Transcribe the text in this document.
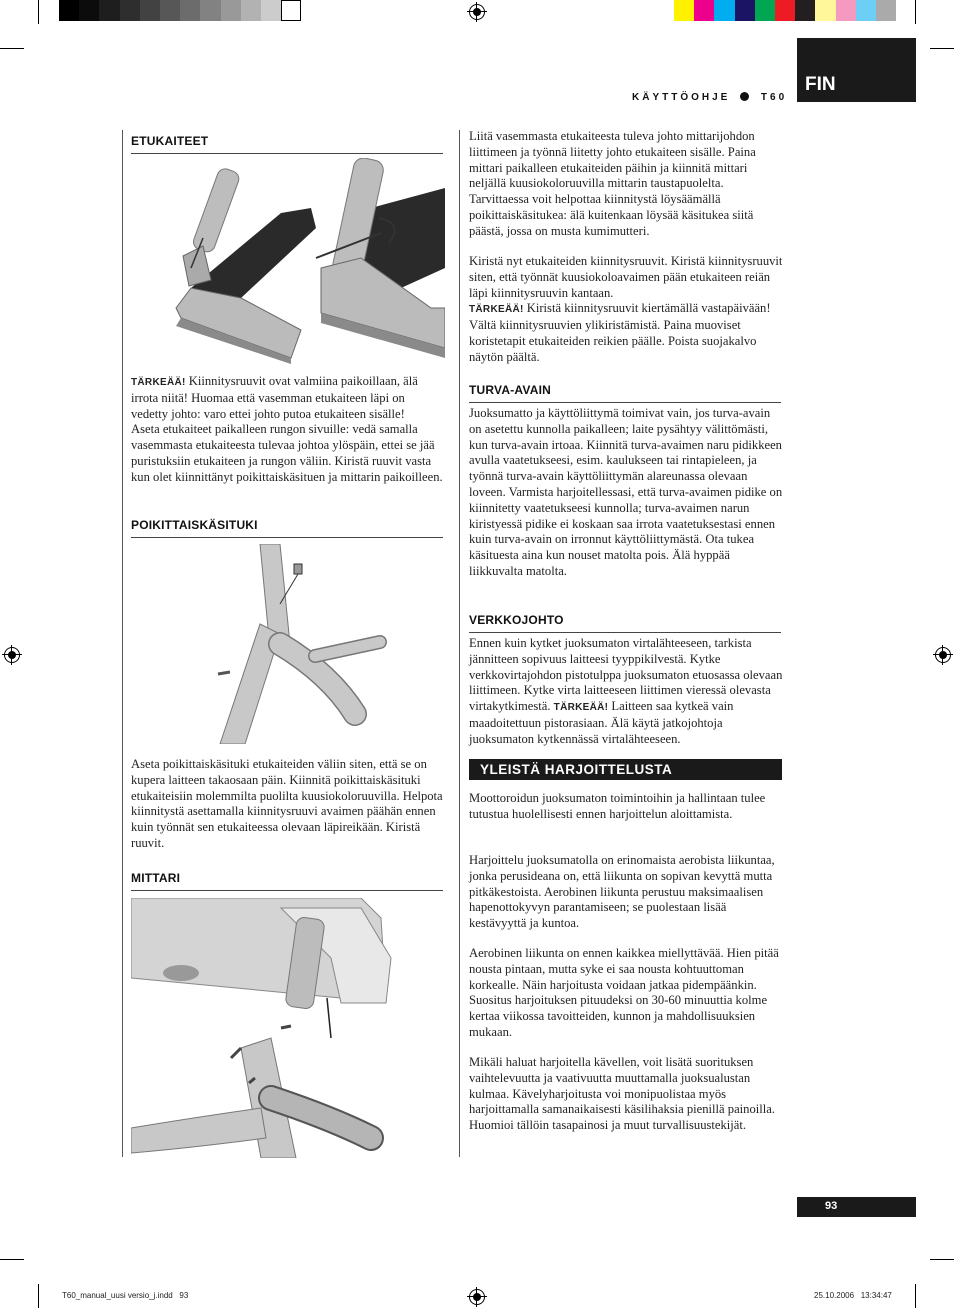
KÄYTTÖOHJE	T60
FIN
ETUKAITEET

TÄRKEÄÄ! Kiinnitysruuvit ovat valmiina paikoillaan, älä irrota niitä! Huomaa että vasemman etukaiteen läpi on vedetty johto: varo ettei johto putoa etukaiteen sisälle!
Aseta etukaiteet paikalleen rungon sivuille: vedä samalla vasemmasta etukaiteesta tulevaa johtoa ylöspäin, ettei se jää puristuksiin etukaiteen ja rungon väliin. Kiristä ruuvit vasta kun olet kiinnittänyt poikittaiskäsituen ja mittarin paikoilleen.

POIKITTAISKÄSITUKI

Aseta poikittaiskäsituki etukaiteiden väliin siten, että se on kupera laitteen takaosaan päin. Kiinnitä poikittaiskäsituki etukaiteisiin molemmilta puolilta kuusiokoloruuvilla. Helpota kiinnitystä asettamalla kiinnitysruuvi avaimen päähän ennen kuin työnnät sen etukaiteessa olevaan läpireikään. Kiristä ruuvit.

MITTARI

Liitä vasemmasta etukaiteesta tuleva johto mittarijohdon liittimeen ja työnnä liitetty johto etukaiteen sisälle. Paina mittari paikalleen etukaiteiden päihin ja kiinnitä mittari neljällä kuusiokoloruuvilla mittarin taustapuolelta. Tarvittaessa voit helpottaa kiinnitystä löysäämällä poikittaiskäsitukea: älä kuitenkaan löysää käsitukea siitä päästä, jossa on musta kumimutteri.

Kiristä nyt etukaiteiden kiinnitysruuvit. Kiristä kiinnitysruuvit siten, että työnnät kuusiokoloavaimen pään etukaiteen reiän läpi kiinnitysruuvin kantaan.
TÄRKEÄÄ! Kiristä kiinnitysruuvit kiertämällä vastapäivään! Vältä kiinnitysruuvien ylikiristämistä. Paina muoviset koristetapit etukaiteiden reikien päälle. Poista suojakalvo näytön päältä.

TURVA-AVAIN

Juoksumatto ja käyttöliittymä toimivat vain, jos turva-avain on asetettu kunnolla paikalleen; laite pysähtyy välittömästi, kun turva-avain irtoaa. Kiinnitä turva-avaimen naru pidikkeen avulla vaatetukseesi, esim. kaulukseen tai rintapieleen, ja työnnä turva-avain käyttöliittymän alareunassa olevaan loveen. Varmista harjoitellessasi, että turva-avaimen pidike on kiinnitetty vaatetukseesi kunnolla; turva-avaimen narun kiristyessä pidike ei koskaan saa irrota vaatetuksestasi ennen kuin turva-avain on irronnut käyttöliittymästä. Ota tukea käsituesta aina kun nouset matolta pois. Älä hyppää liikkuvalta matolta.

VERKKOJOHTO

Ennen kuin kytket juoksumaton virtalähteeseen, tarkista jännitteen sopivuus laitteesi tyyppikilvestä. Kytke verkkovirtajohdon pistotulppa juoksumaton etuosassa olevaan liittimeen. Kytke virta laitteeseen liittimen vieressä olevasta virtakytkimestä. TÄRKEÄÄ! Laitteen saa kytkeä vain maadoitettuun pistorasiaan. Älä käytä jatkojohtoja juoksumaton kytkennässä virtalähteeseen.

YLEISTÄ HARJOITTELUSTA

Moottoroidun juoksumaton toimintoihin ja hallintaan tulee tutustua huolellisesti ennen harjoittelun aloittamista.

Harjoittelu juoksumatolla on erinomaista aerobista liikuntaa, jonka perusideana on, että liikunta on sopivan kevyttä mutta pitkäkestoista. Aerobinen liikunta perustuu maksimaalisen hapenottokyvyn parantamiseen; se puolestaan lisää kestävyyttä ja kuntoa.

Aerobinen liikunta on ennen kaikkea miellyttävää. Hien pitää nousta pintaan, mutta syke ei saa nousta kohtuuttoman korkealle. Näin harjoitusta voidaan jatkaa pidempäänkin. Suositus harjoituksen pituudeksi on 30-60 minuuttia kolme kertaa viikossa tavoitteiden, kunnon ja mahdollisuuksien mukaan.

Mikäli haluat harjoitella kävellen, voit lisätä suorituksen vaihtelevuutta ja vaativuutta muuttamalla juoksualustan kulmaa. Kävelyharjoitusta voi monipuolistaa myös harjoittamalla samanaikaisesti käsilihaksia pienillä painoilla. Huomioi tällöin tasapainosi ja muut turvallisuustekijät.

93
T60_manual_uusi versio_j.indd   93	25.10.2006   13:34:47
